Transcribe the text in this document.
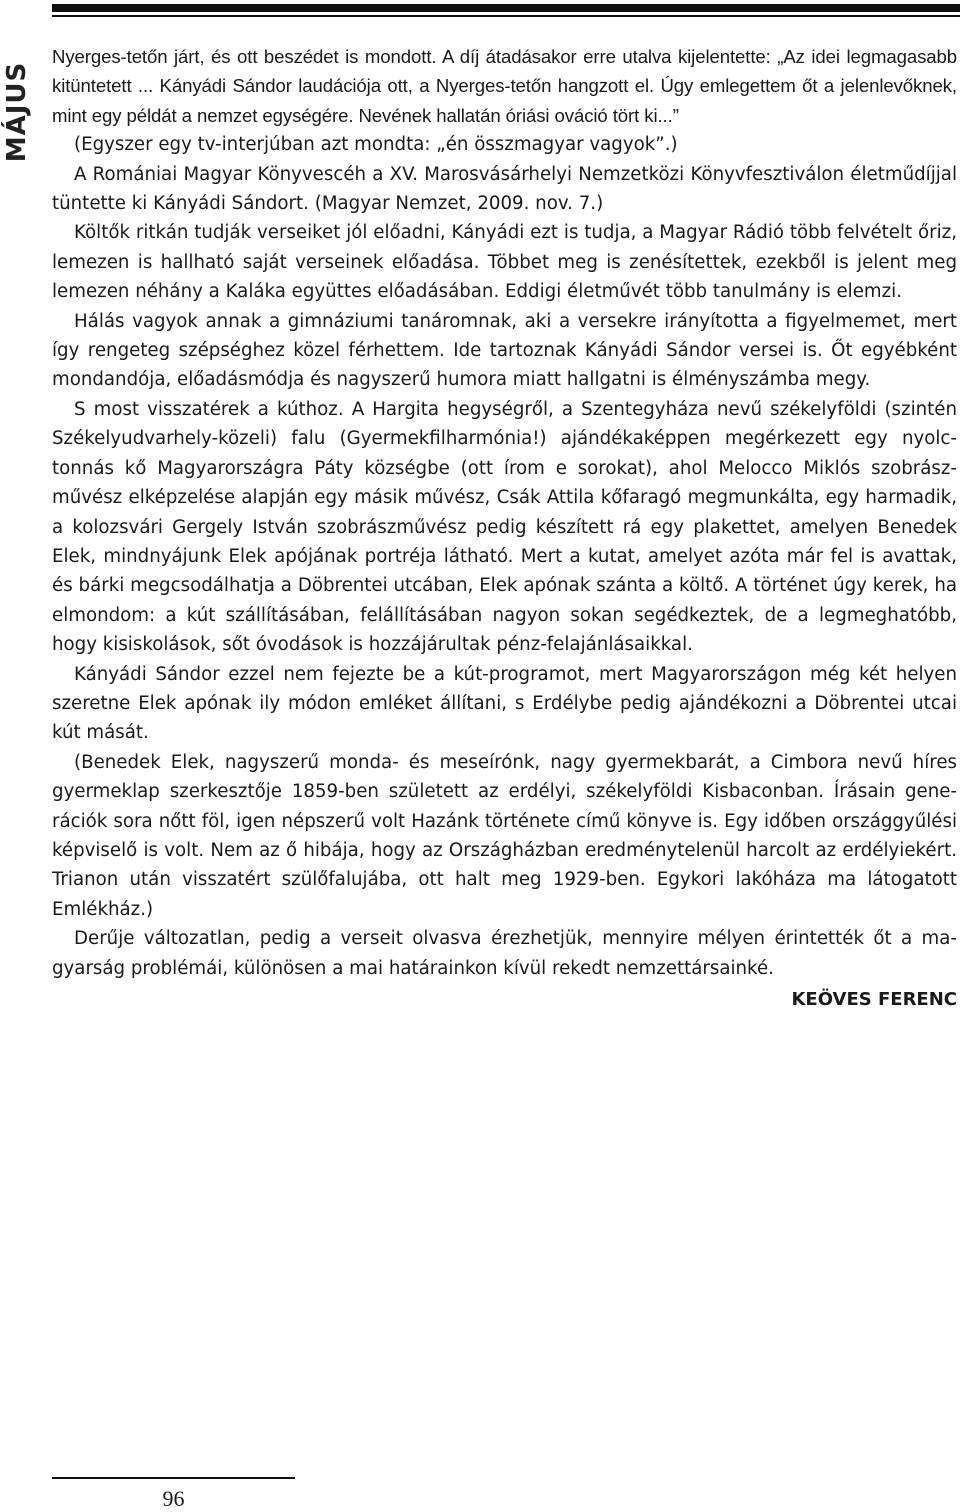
MÁJUS

Nyerges-tetőn járt, és ott beszédet is mondott. A díj átadásakor erre utalva kijelentette: „Az idei legmagasabb kitüntetett ... Kányádi Sándor laudációja ott, a Nyerges-tetőn hangzott el. Úgy emlegettem őt a jelenlevőknek, mint egy példát a nemzet egységére. Nevének hallatán óriási ováció tört ki...”

(Egyszer egy tv-interjúban azt mondta: „én összmagyar vagyok”.)

A Romániai Magyar Könyvescéh a XV. Marosvásárhelyi Nemzetközi Könyvfesztiválon életműdíjjal tüntette ki Kányádi Sándort. (Magyar Nemzet, 2009. nov. 7.)

Költők ritkán tudják verseiket jól előadni, Kányádi ezt is tudja, a Magyar Rádió több felvételt őriz, lemezen is hallható saját verseinek előadása. Többet meg is zenésítettek, ezekből is jelent meg lemezen néhány a Kaláka együttes előadásában. Eddigi életművét több tanulmány is elemzi.

Hálás vagyok annak a gimnáziumi tanáromnak, aki a versekre irányította a figyelmemet, mert így rengeteg szépséghez közel férhettem. Ide tartoznak Kányádi Sándor versei is. Őt egyébként mondandója, előadásmódja és nagyszerű humora miatt hallgatni is élményszámba megy.

S most visszatérek a kúthoz. A Hargita hegységről, a Szentegyháza nevű székelyföldi (szintén Székelyudvarhely-közeli) falu (Gyermekfilharmónia!) ajándékaképpen megérkezett egy nyolctonnás kő Magyarországra Páty községbe (ott írom e sorokat), ahol Melocco Miklós szobrászművész elképzelése alapján egy másik művész, Csák Attila kőfaragó megmunkálta, egy harmadik, a kolozsvári Gergely István szobrászművész pedig készített rá egy plakettet, amelyen Benedek Elek, mindnyájunk Elek apójának portréja látható. Mert a kutat, amelyet azóta már fel is avattak, és bárki megcsodálhatja a Döbrentei utcában, Elek apónak szánta a költő. A történet úgy kerek, ha elmondom: a kút szállításában, felállításában nagyon sokan segédkeztek, de a legmeghatóbb, hogy kisiskolások, sőt óvodások is hozzájárultak pénz-felajánlásaikkal.

Kányádi Sándor ezzel nem fejezte be a kút-programot, mert Magyarországon még két helyen szeretne Elek apónak ily módon emléket állítani, s Erdélybe pedig ajándékozni a Döbrentei utcai kút mását.

(Benedek Elek, nagyszerű monda- és meseírónk, nagy gyermekbarát, a Cimbora nevű híres gyermeklap szerkesztője 1859-ben született az erdélyi, székelyföldi Kisbaconban. Írásain generációk sora nőtt föl, igen népszerű volt Hazánk története című könyve is. Egy időben országgyűlési képviselő is volt. Nem az ő hibája, hogy az Országházban eredménytelenül harcolt az erdélyiekért. Trianon után visszatért szülőfalujába, ott halt meg 1929-ben. Egykori lakóháza ma látogatott Emlékház.)

Derűje változatlan, pedig a verseit olvasva érezhetjük, mennyire mélyen érintették őt a magyarság problémái, különösen a mai határainkon kívül rekedt nemzettársainké.

KEÖVES FERENC
96
